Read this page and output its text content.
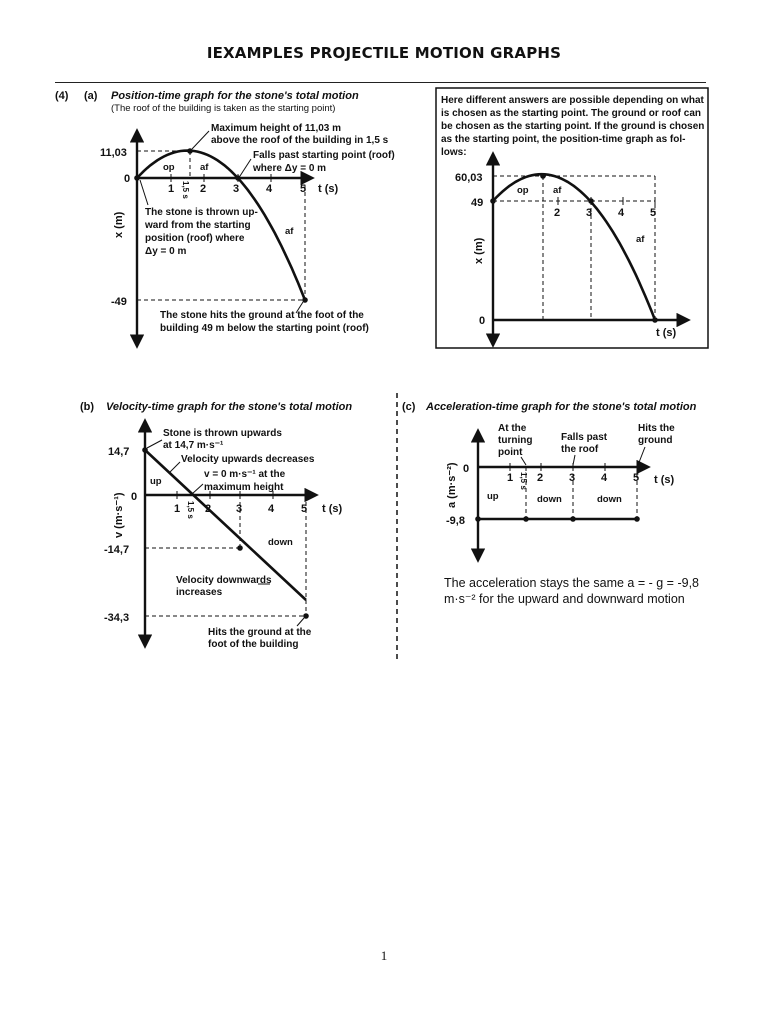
IEXAMPLES PROJECTILE MOTION GRAPHS
(4) (a) Position-time graph for the stone's total motion
(The roof of the building is taken as the starting point)
1 2 3 4	5
1,5 s
11,03
0
-49
t (s)
x (m)
op	af
af
Maximum height of 11,03 m
above the roof of the building in 1,5 s
Falls past starting point (roof)
where Δy = 0 m
The stone is thrown up-
ward from the starting
position (roof) where
Δy = 0 m
The stone hits the ground at the foot of the
building 49 m below the starting point (roof)
Here different answers are possible depending on what
is chosen as the starting point. The ground or roof can
be chosen as the starting point. If the ground is chosen
as the starting point, the position-time graph as fol-
lows:
2 3 4 5
60,03
49
0
t (s)
x (m)
op	af
af
(b) Velocity-time graph for the stone's total motion
1 2 3 4 5
1,5 s
14,7
0
-14,7
-34,3
t (s)
v (m·s⁻¹)
up
down
Stone is thrown upwards
at 14,7 m·s⁻¹
Velocity upwards decreases
v = 0 m·s⁻¹ at the
maximum height
Velocity downwards
increases
Hits the ground at the
foot of the building
(c) Acceleration-time graph for the stone's total motion
1 2 3 4 5
1,5 s
0
-9,8
t (s)
a (m·s⁻²)	up	down	down
At the
turning
point
Falls past
the roof
Hits the
ground
The acceleration stays the same a = - g = -9,8
m·s⁻² for the upward and downward motion
1
